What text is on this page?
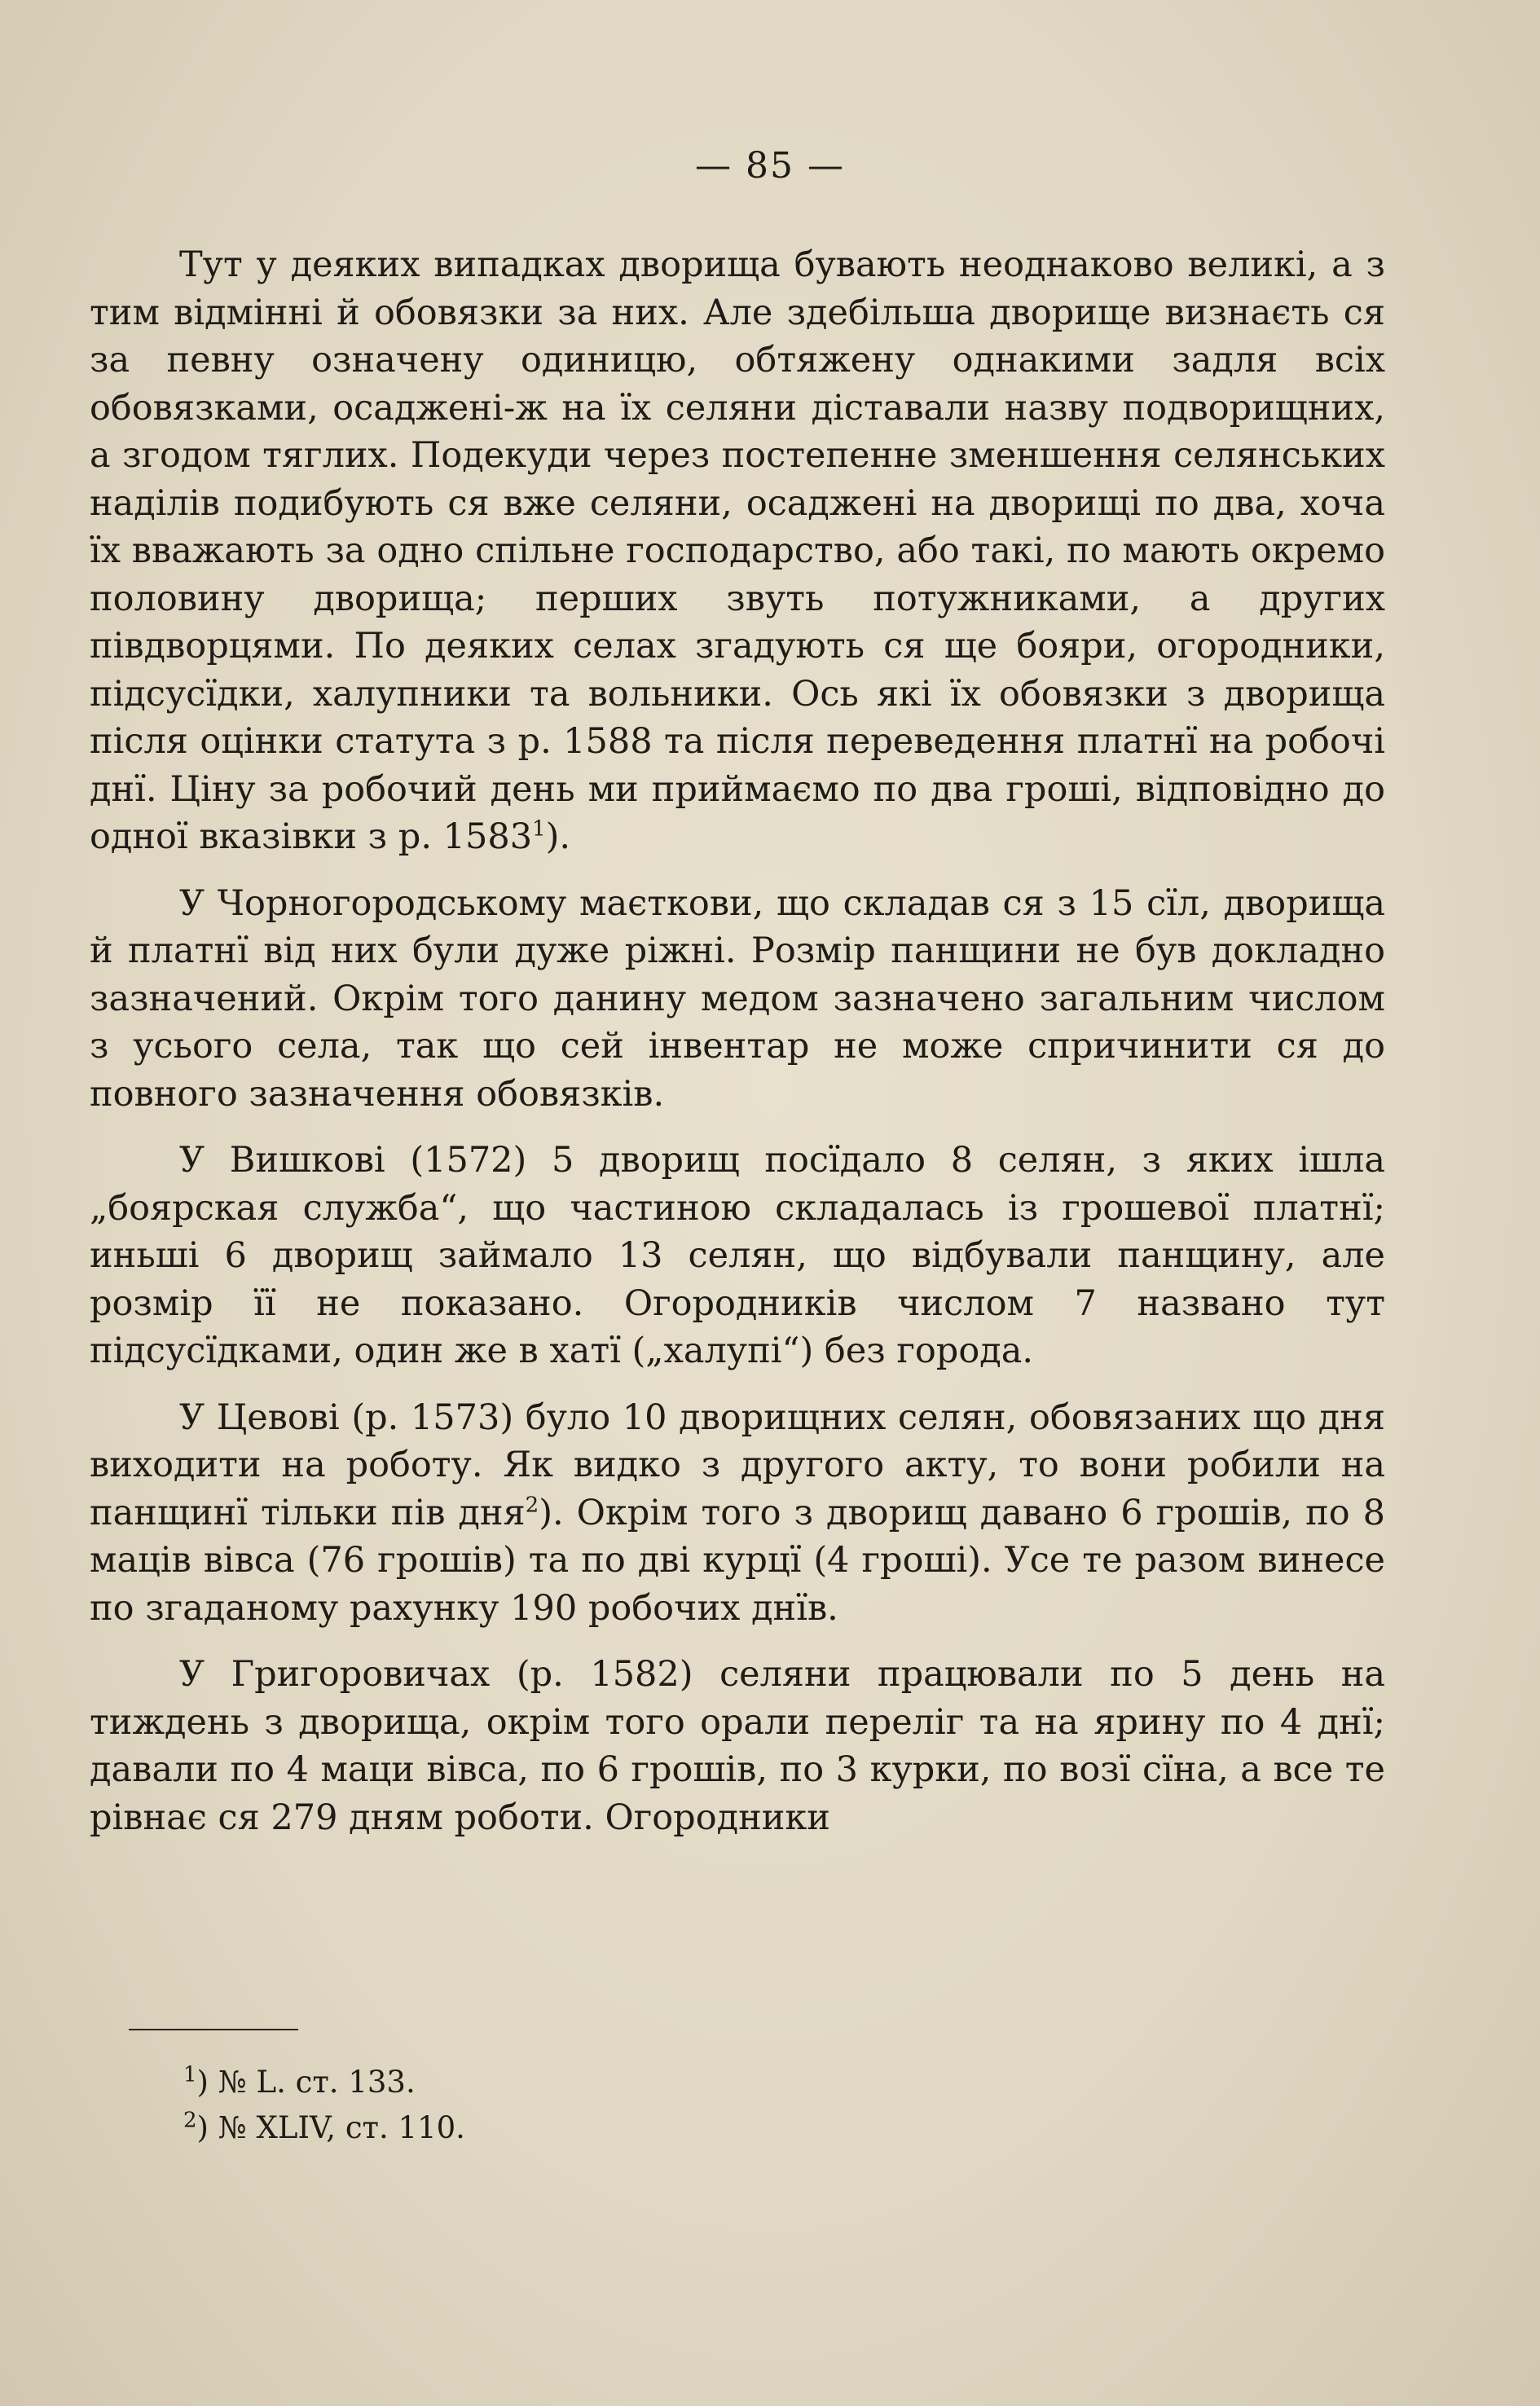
— 85 —

Тут у деяких випадках дворища бувають неоднаково великі, а з тим відмінні й обовязки за них. Але здебільша дворище визнаєть ся за певну означену одиницю, обтяжену однакими задля всіх обовязками, осаджені-ж на їх селяни діставали назву подворищних, а згодом тяглих. Подекуди через постепенне зменшення селянських наділів подибують ся вже селяни, осаджені на дворищі по два, хоча їх вважають за одно спільне господарство, або такі, по мають окремо половину дворища; перших звуть потужниками, а других півдворцями. По деяких селах згадують ся ще бояри, огородники, підсусїдки, халупники та вольники. Ось які їх обовязки з дворища після оцінки статута з р. 1588 та після переведення платнї на робочі днї. Ціну за робочий день ми приймаємо по два гроші, відповідно до одної вказівки з р. 1583$^1$).

У Чорногородському маєткови, що складав ся з 15 сїл, дворища й платнї від них були дуже ріжні. Розмір панщини не був докладно зазначений. Окрім того данину медом зазначено загальним числом з усього села, так що сей інвентар не може спричинити ся до повного зазначення обовязків.

У Вишкові (1572) 5 дворищ посїдало 8 селян, з яких ішла „боярская служба“, що частиною складалась із грошевої платнї; иньші 6 дворищ займало 13 селян, що відбували панщину, але розмір її не показано. Огородників числом 7 названо тут підсусїдками, один же в хатї („халупі“) без города.

У Цевові (р. 1573) було 10 дворищних селян, обовязаних що дня виходити на роботу. Як видко з другого акту, то вони робили на панщинї тільки пів дня$^2$). Окрім того з дворищ давано 6 грошів, по 8 маців вівса (76 грошів) та по дві курцї (4 гроші). Усе те разом винесе по згаданому рахунку 190 робочих днїв.

У Григоровичах (р. 1582) селяни працювали по 5 день на тиждень з дворища, окрім того орали переліг та на ярину по 4 днї; давали по 4 маци вівса, по 6 грошів, по 3 курки, по возї сїна, а все те рівнає ся 279 дням роботи. Огородники

$^1$) № L. ст. 133.
$^2$) № XLIV, ст. 110.
